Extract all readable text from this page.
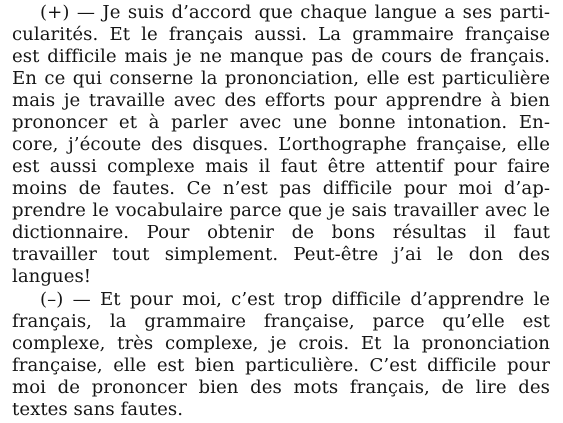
(+) — Je suis d’accord que chaque langue a ses parti-
cularités. Et le français aussi. La grammaire française
est difficile mais je ne manque pas de cours de français.
En ce qui conserne la prononciation, elle est particulière
mais je travaille avec des efforts pour apprendre à bien
prononcer et à parler avec une bonne intonation. En-
core, j’écoute des disques. L’orthographe française, elle
est aussi complexe mais il faut être attentif pour faire
moins de fautes. Ce n’est pas difficile pour moi d’ap-
prendre le vocabulaire parce que je sais travailler avec le
dictionnaire. Pour obtenir de bons résultas il faut
travailler tout simplement. Peut-être j’ai le don des
langues!
(–) — Et pour moi, c’est trop difficile d’apprendre le
français, la grammaire française, parce qu’elle est
complexe, très complexe, je crois. Et la prononciation
française, elle est bien particulière. C’est difficile pour
moi de prononcer bien des mots français, de lire des
textes sans fautes.
